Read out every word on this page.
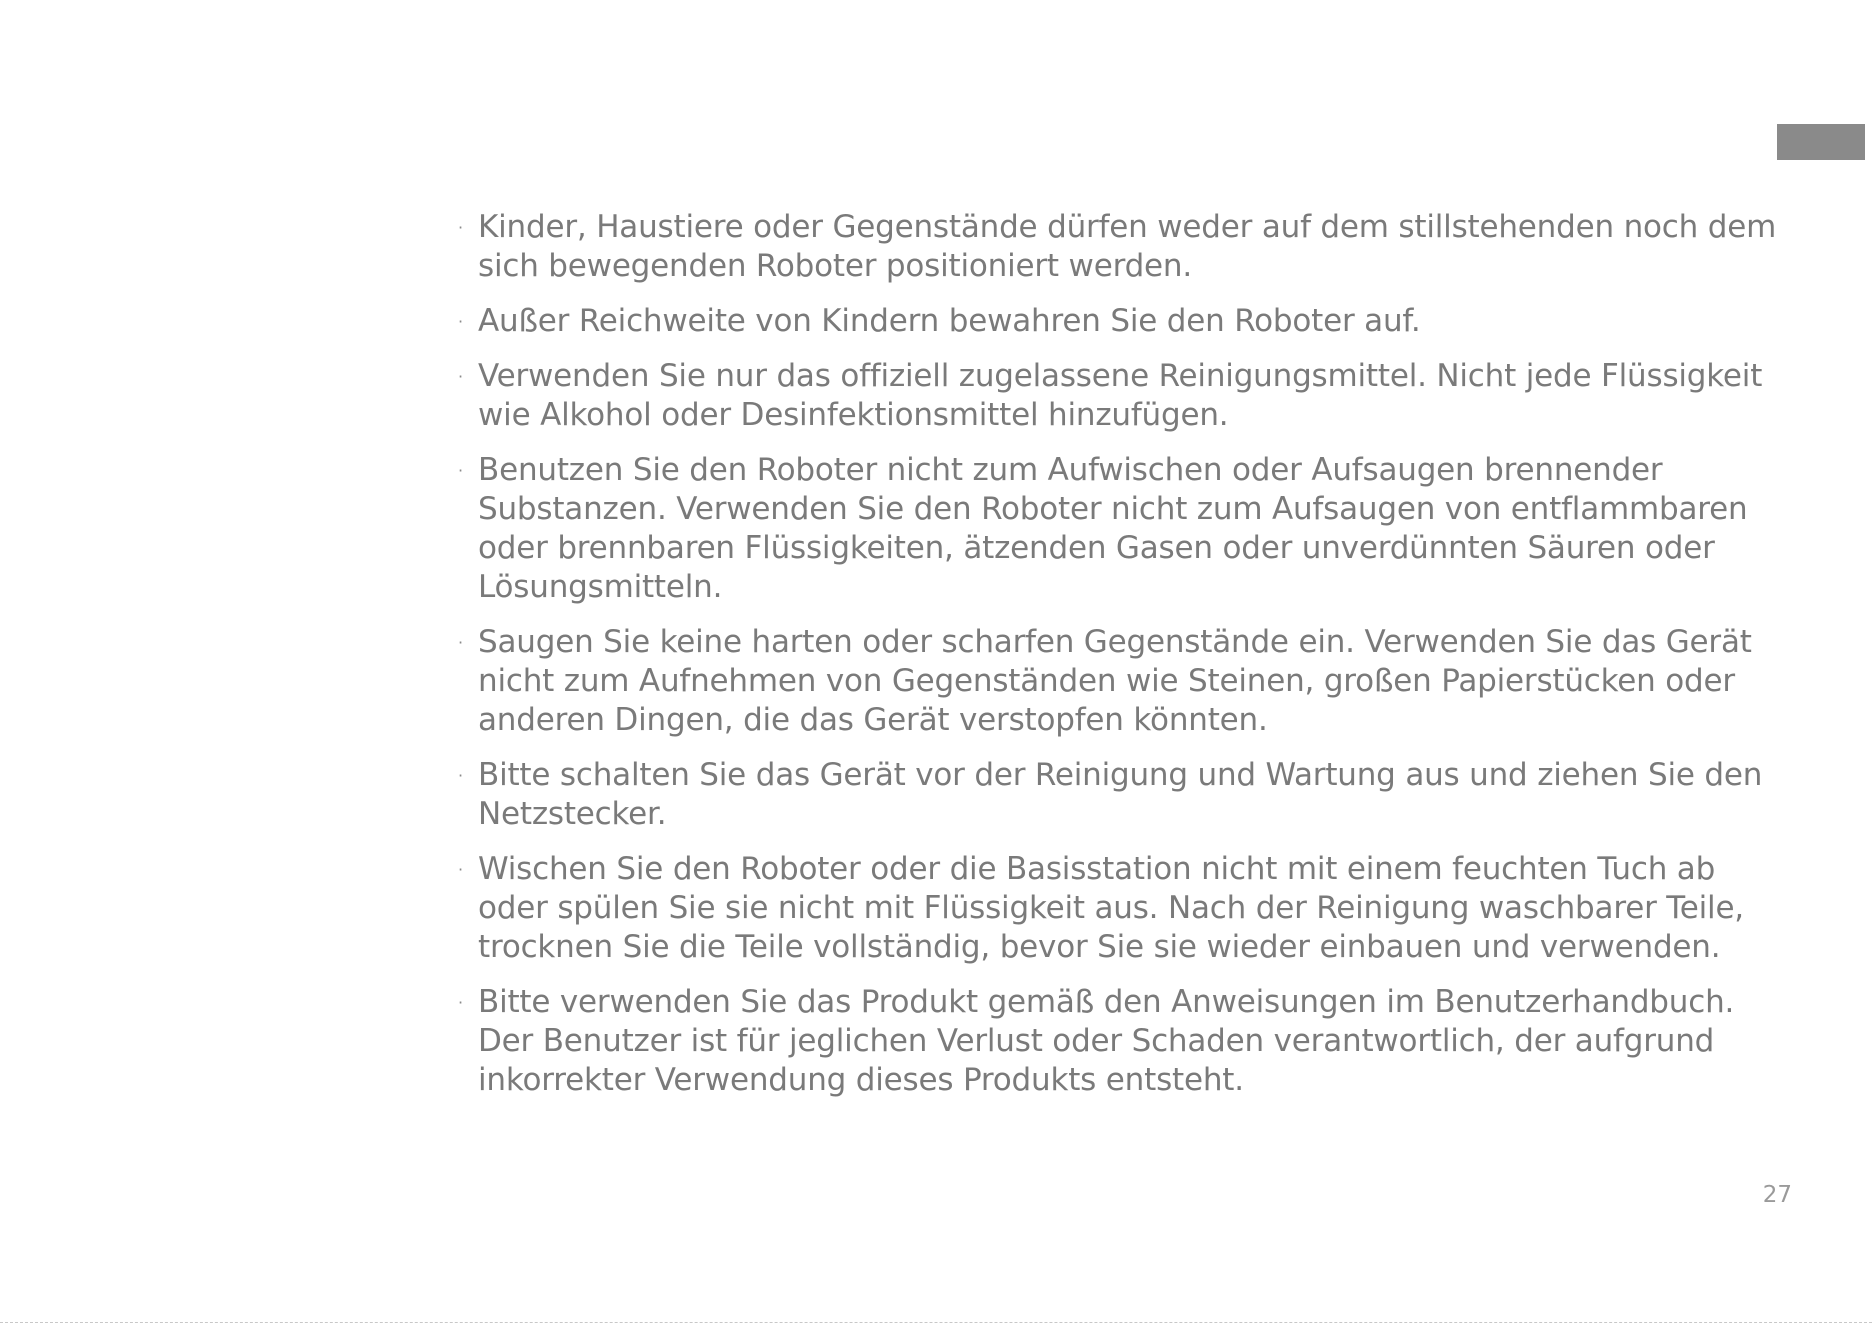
· Kinder, Haustiere oder Gegenstände dürfen weder auf dem stillstehenden noch dem sich bewegenden Roboter positioniert werden.
· Außer Reichweite von Kindern bewahren Sie den Roboter auf.
· Verwenden Sie nur das offiziell zugelassene Reinigungsmittel. Nicht jede Flüssigkeit wie Alkohol oder Desinfektionsmittel hinzufügen.
· Benutzen Sie den Roboter nicht zum Aufwischen oder Aufsaugen brennender Substanzen. Verwenden Sie den Roboter nicht zum Aufsaugen von entflammbaren oder brennbaren Flüssigkeiten, ätzenden Gasen oder unverdünnten Säuren oder Lösungsmitteln.
· Saugen Sie keine harten oder scharfen Gegenstände ein. Verwenden Sie das Gerät nicht zum Aufnehmen von Gegenständen wie Steinen, großen Papierstücken oder anderen Dingen, die das Gerät verstopfen könnten.
· Bitte schalten Sie das Gerät vor der Reinigung und Wartung aus und ziehen Sie den Netzstecker.
· Wischen Sie den Roboter oder die Basisstation nicht mit einem feuchten Tuch ab oder spülen Sie sie nicht mit Flüssigkeit aus. Nach der Reinigung waschbarer Teile, trocknen Sie die Teile vollständig, bevor Sie sie wieder einbauen und verwenden.
· Bitte verwenden Sie das Produkt gemäß den Anweisungen im Benutzerhandbuch. Der Benutzer ist für jeglichen Verlust oder Schaden verantwortlich, der aufgrund inkorrekter Verwendung dieses Produkts entsteht.
27
